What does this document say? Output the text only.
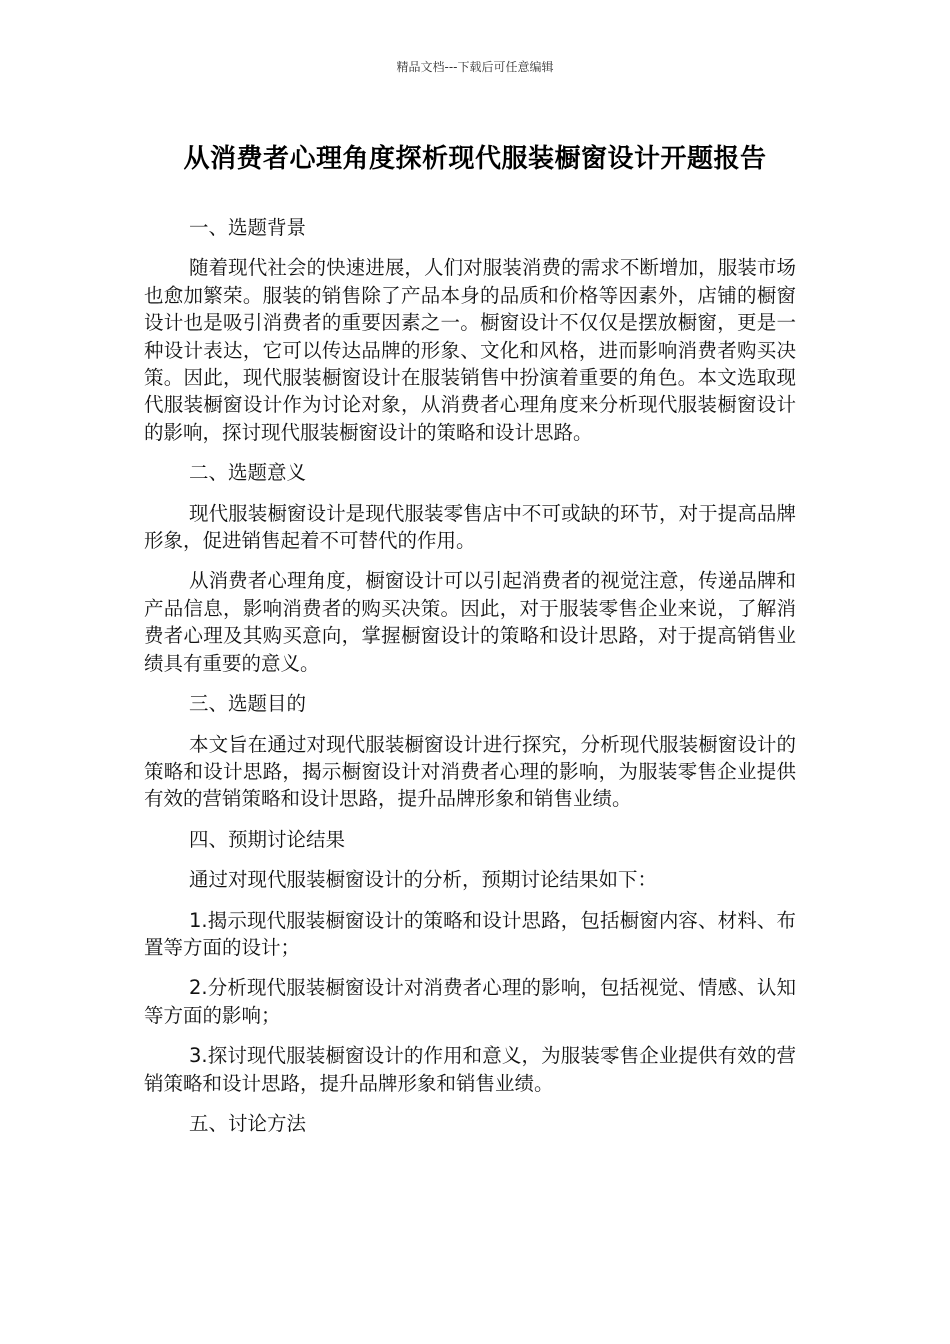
精品文档---下载后可任意编辑
从消费者心理角度探析现代服装橱窗设计开题报告

一、选题背景

随着现代社会的快速进展，人们对服装消费的需求不断增加，服装市场也愈加繁荣。服装的销售除了产品本身的品质和价格等因素外，店铺的橱窗设计也是吸引消费者的重要因素之一。橱窗设计不仅仅是摆放橱窗，更是一种设计表达，它可以传达品牌的形象、文化和风格，进而影响消费者购买决策。因此，现代服装橱窗设计在服装销售中扮演着重要的角色。本文选取现代服装橱窗设计作为讨论对象，从消费者心理角度来分析现代服装橱窗设计的影响，探讨现代服装橱窗设计的策略和设计思路。

二、选题意义

现代服装橱窗设计是现代服装零售店中不可或缺的环节，对于提高品牌形象，促进销售起着不可替代的作用。

从消费者心理角度，橱窗设计可以引起消费者的视觉注意，传递品牌和产品信息，影响消费者的购买决策。因此，对于服装零售企业来说，了解消费者心理及其购买意向，掌握橱窗设计的策略和设计思路，对于提高销售业绩具有重要的意义。

三、选题目的

本文旨在通过对现代服装橱窗设计进行探究，分析现代服装橱窗设计的策略和设计思路，揭示橱窗设计对消费者心理的影响，为服装零售企业提供有效的营销策略和设计思路，提升品牌形象和销售业绩。

四、预期讨论结果

通过对现代服装橱窗设计的分析，预期讨论结果如下：

1.揭示现代服装橱窗设计的策略和设计思路，包括橱窗内容、材料、布置等方面的设计；

2.分析现代服装橱窗设计对消费者心理的影响，包括视觉、情感、认知等方面的影响；

3.探讨现代服装橱窗设计的作用和意义，为服装零售企业提供有效的营销策略和设计思路，提升品牌形象和销售业绩。

五、讨论方法
